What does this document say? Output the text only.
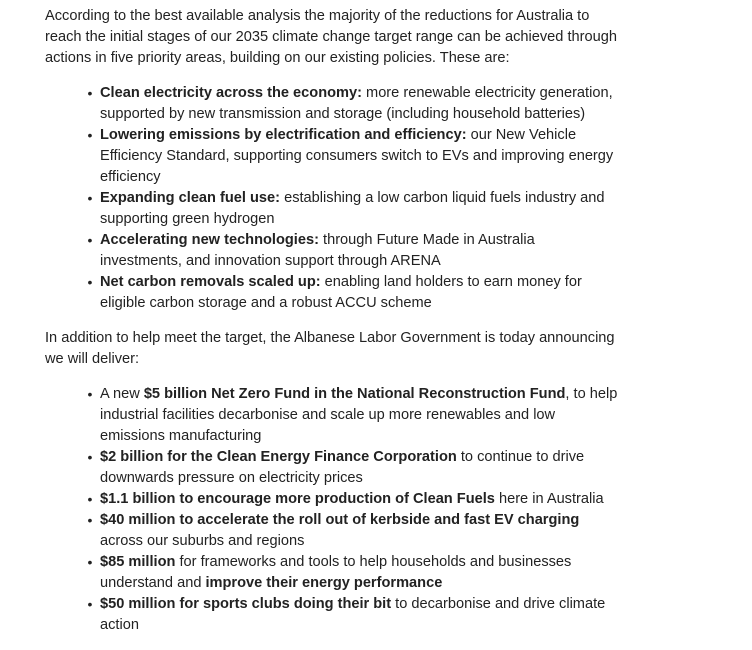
According to the best available analysis the majority of the reductions for Australia to reach the initial stages of our 2035 climate change target range can be achieved through actions in five priority areas, building on our existing policies. These are:

• Clean electricity across the economy: more renewable electricity generation, supported by new transmission and storage (including household batteries)
• Lowering emissions by electrification and efficiency: our New Vehicle Efficiency Standard, supporting consumers switch to EVs and improving energy efficiency
• Expanding clean fuel use: establishing a low carbon liquid fuels industry and supporting green hydrogen
• Accelerating new technologies: through Future Made in Australia investments, and innovation support through ARENA
• Net carbon removals scaled up: enabling land holders to earn money for eligible carbon storage and a robust ACCU scheme

In addition to help meet the target, the Albanese Labor Government is today announcing we will deliver:

• A new $5 billion Net Zero Fund in the National Reconstruction Fund, to help industrial facilities decarbonise and scale up more renewables and low emissions manufacturing
• $2 billion for the Clean Energy Finance Corporation to continue to drive downwards pressure on electricity prices
• $1.1 billion to encourage more production of Clean Fuels here in Australia
• $40 million to accelerate the roll out of kerbside and fast EV charging across our suburbs and regions
• $85 million for frameworks and tools to help households and businesses understand and improve their energy performance
• $50 million for sports clubs doing their bit to decarbonise and drive climate action
